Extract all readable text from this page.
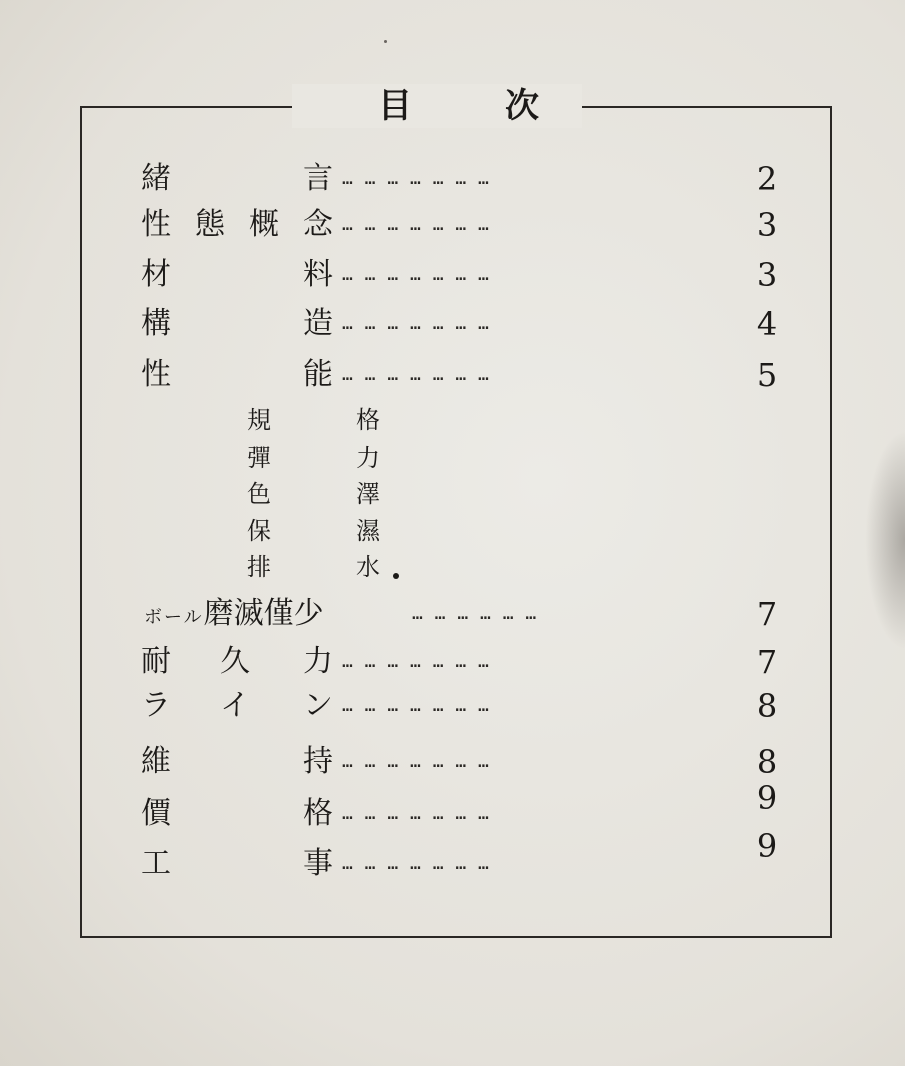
目	次
緒	言 … … … … … … …	2
性 態 概 念 … … … … … … …	3
材	料 … … … … … … …	3
構	造 … … … … … … …	4
性	能 … … … … … … …	5
規	格
彈	力
色	澤
保	濕
排	水
ボール磨滅僅少	… … … … … …	7
耐 久 力 … … … … … … …	7
ラ イ ン … … … … … … …	8
維	持 … … … … … … …	8
價	格 … … … … … … …	9
工	事 … … … … … … …	9
